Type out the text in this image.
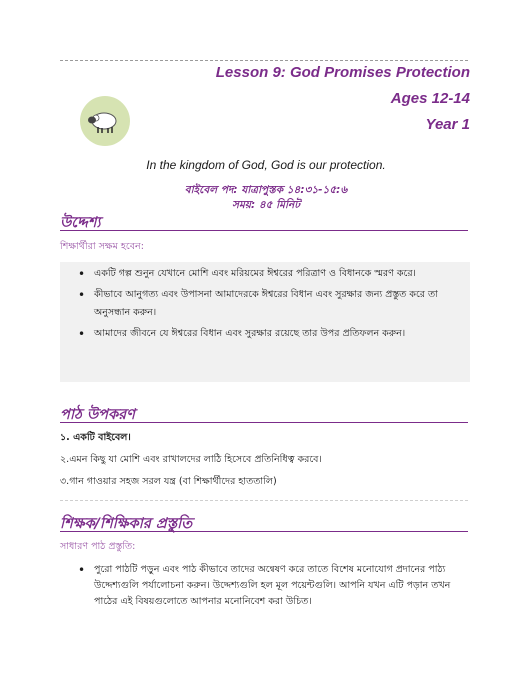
Lesson 9: God Promises Protection
Ages 12-14
Year 1
In the kingdom of God, God is our protection.
বাইবেল পদ: যাত্রাপুস্তক ১৪:৩১-১৫:৬
সময়: ৪৫ মিনিট
উদ্দেশ্য
শিক্ষার্থীরা সক্ষম হবেন:
• একটি গল্প শুনুন যেখানে মোশি এবং মরিয়মের ঈশ্বরের পরিত্রাণ ও বিধানকে স্মরণ করে।
• কীভাবে আনুগত্য এবং উপাসনা আমাদেরকে ঈশ্বরের বিধান এবং সুরক্ষার জন্য প্রস্তুত করে তা অনুসন্ধান করুন।
• আমাদের জীবনে যে ঈশ্বরের বিধান এবং সুরক্ষার রয়েছে তার উপর প্রতিফলন করুন।
পাঠ উপকরণ
১. একটি বাইবেল।
২.এমন কিছু যা মোশি এবং রাখালদের লাঠি হিসেবে প্রতিনিধিত্ব করবে।
৩.গান গাওয়ার সহজ সরল যন্ত্র (বা শিক্ষার্থীদের হাততালি)
শিক্ষক/শিক্ষিকার প্রস্তুতি
সাধারণ পাঠ প্রস্তুতি:
• পুরো পাঠটি পড়ুন এবং পাঠ কীভাবে তাদের অন্বেষণ করে তাতে বিশেষ মনোযোগ প্রদানের পাঠ্য উদ্দেশ্যগুলি পর্যালোচনা করুন। উদ্দেশ্যগুলি হল মূল পয়েন্টগুলি। আপনি যখন এটি পড়ান তখন পাঠের এই বিষয়গুলোতে আপনার মনোনিবেশ করা উচিত।
